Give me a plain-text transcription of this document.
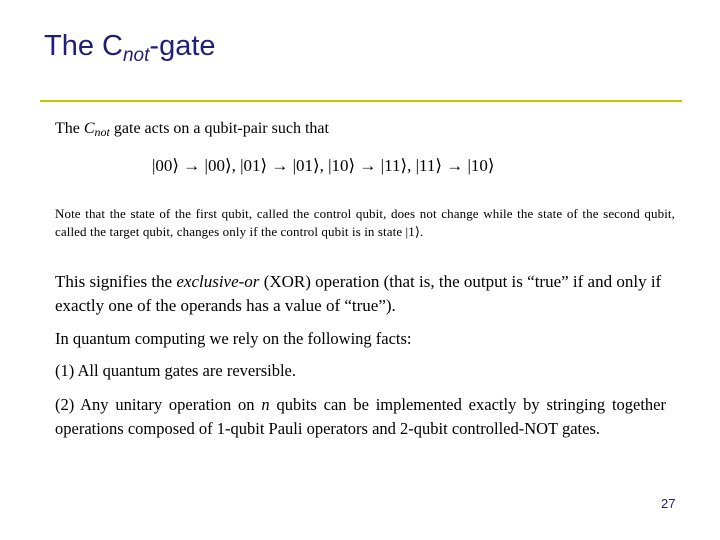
The $C_{not}$-gate
The $C_{not}$ gate acts on a qubit-pair such that
|00⟩ → |00⟩, |01⟩ → |01⟩, |10⟩ → |11⟩, |11⟩ → |10⟩
Note that the state of the first qubit, called the control qubit, does not change while the state of the second qubit, called the target qubit, changes only if the control qubit is in state |1⟩.
This signifies the exclusive-or (XOR) operation (that is, the output is “true” if and only if exactly one of the operands has a value of “true”).
In quantum computing we rely on the following facts:
(1) All quantum gates are reversible.
(2) Any unitary operation on n qubits can be implemented exactly by stringing together operations composed of 1-qubit Pauli operators and 2-qubit controlled-NOT gates.
27
